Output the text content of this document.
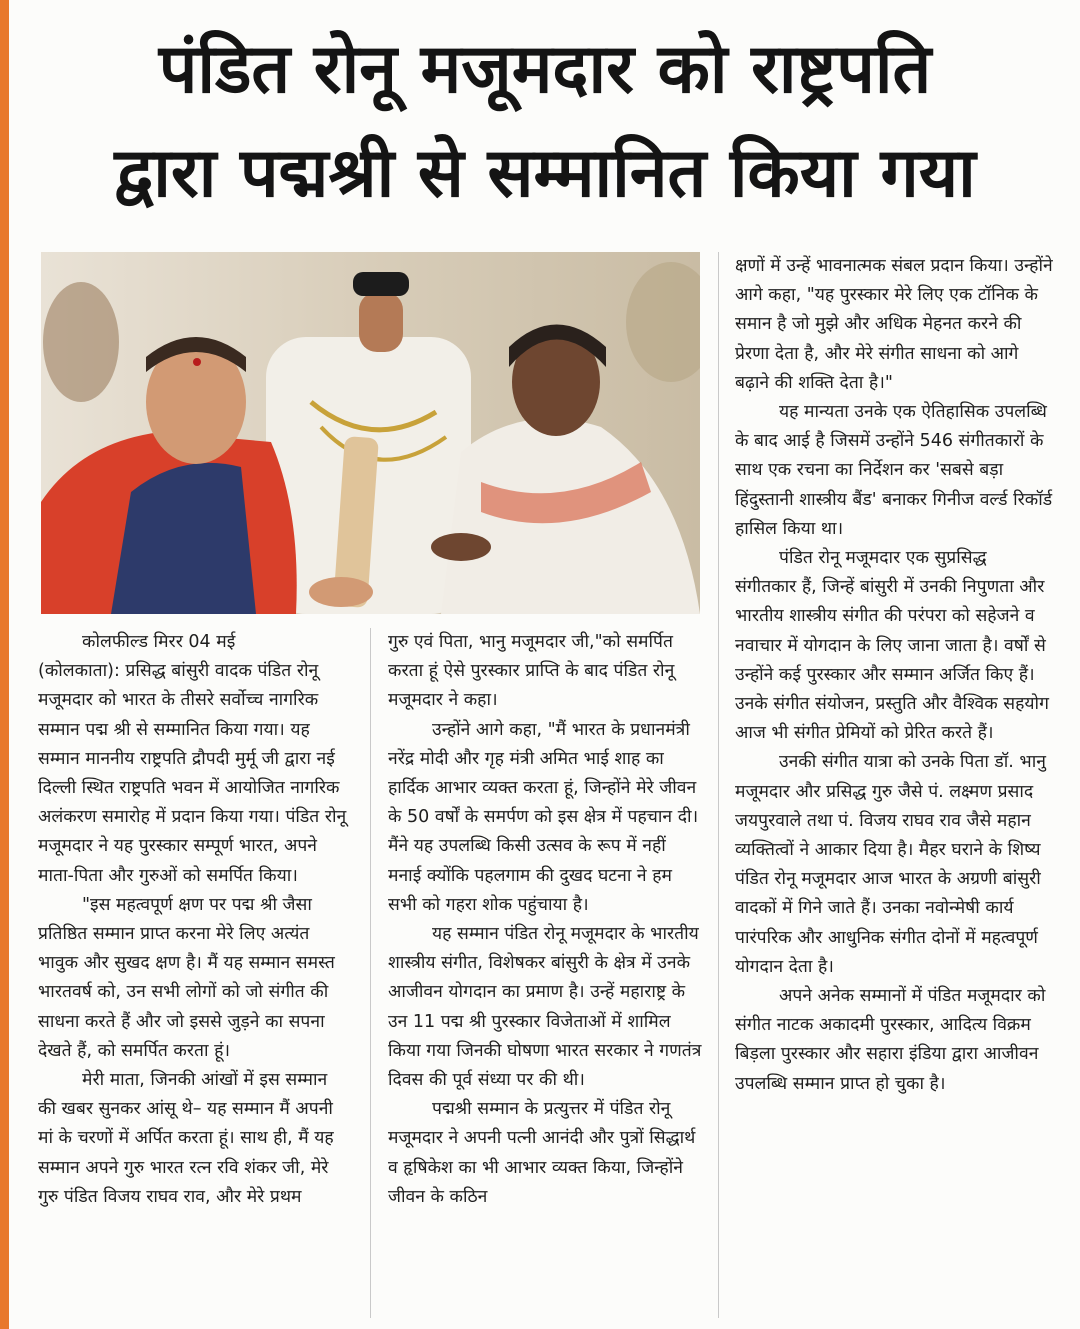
पंडित रोनू मजूमदार को राष्ट्रपति
द्वारा पद्मश्री से सम्मानित किया गया

कोलफील्ड मिरर 04 मई

(कोलकाता): प्रसिद्ध बांसुरी वादक पंडित रोनू मजूमदार को भारत के तीसरे सर्वोच्च नागरिक सम्मान पद्म श्री से सम्मानित किया गया। यह सम्मान माननीय राष्ट्रपति द्रौपदी मुर्मू जी द्वारा नई दिल्ली स्थित राष्ट्रपति भवन में आयोजित नागरिक अलंकरण समारोह में प्रदान किया गया। पंडित रोनू मजूमदार ने यह पुरस्कार सम्पूर्ण भारत, अपने माता-पिता और गुरुओं को समर्पित किया।

"इस महत्वपूर्ण क्षण पर पद्म श्री जैसा प्रतिष्ठित सम्मान प्राप्त करना मेरे लिए अत्यंत भावुक और सुखद क्षण है। मैं यह सम्मान समस्त भारतवर्ष को, उन सभी लोगों को जो संगीत की साधना करते हैं और जो इससे जुड़ने का सपना देखते हैं, को समर्पित करता हूं।

मेरी माता, जिनकी आंखों में इस सम्मान की खबर सुनकर आंसू थे– यह सम्मान मैं अपनी मां के चरणों में अर्पित करता हूं। साथ ही, मैं यह सम्मान अपने गुरु भारत रत्न रवि शंकर जी, मेरे गुरु पंडित विजय राघव राव, और मेरे प्रथम

गुरु एवं पिता, भानु मजूमदार जी,"को समर्पित करता हूं ऐसे पुरस्कार प्राप्ति के बाद पंडित रोनू मजूमदार ने कहा।

उन्होंने आगे कहा, "मैं भारत के प्रधानमंत्री नरेंद्र मोदी और गृह मंत्री अमित भाई शाह का हार्दिक आभार व्यक्त करता हूं, जिन्होंने मेरे जीवन के 50 वर्षों के समर्पण को इस क्षेत्र में पहचान दी। मैंने यह उपलब्धि किसी उत्सव के रूप में नहीं मनाई क्योंकि पहलगाम की दुखद घटना ने हम सभी को गहरा शोक पहुंचाया है।

यह सम्मान पंडित रोनू मजूमदार के भारतीय शास्त्रीय संगीत, विशेषकर बांसुरी के क्षेत्र में उनके आजीवन योगदान का प्रमाण है। उन्हें महाराष्ट्र के उन 11 पद्म श्री पुरस्कार विजेताओं में शामिल किया गया जिनकी घोषणा भारत सरकार ने गणतंत्र दिवस की पूर्व संध्या पर की थी।

पद्मश्री सम्मान के प्रत्युत्तर में पंडित रोनू मजूमदार ने अपनी पत्नी आनंदी और पुत्रों सिद्धार्थ व हृषिकेश का भी आभार व्यक्त किया, जिन्होंने जीवन के कठिन

क्षणों में उन्हें भावनात्मक संबल प्रदान किया। उन्होंने आगे कहा, "यह पुरस्कार मेरे लिए एक टॉनिक के समान है जो मुझे और अधिक मेहनत करने की प्रेरणा देता है, और मेरे संगीत साधना को आगे बढ़ाने की शक्ति देता है।"

यह मान्यता उनके एक ऐतिहासिक उपलब्धि के बाद आई है जिसमें उन्होंने 546 संगीतकारों के साथ एक रचना का निर्देशन कर 'सबसे बड़ा हिंदुस्तानी शास्त्रीय बैंड' बनाकर गिनीज वर्ल्ड रिकॉर्ड हासिल किया था।

पंडित रोनू मजूमदार एक सुप्रसिद्ध संगीतकार हैं, जिन्हें बांसुरी में उनकी निपुणता और भारतीय शास्त्रीय संगीत की परंपरा को सहेजने व नवाचार में योगदान के लिए जाना जाता है। वर्षों से उन्होंने कई पुरस्कार और सम्मान अर्जित किए हैं। उनके संगीत संयोजन, प्रस्तुति और वैश्विक सहयोग आज भी संगीत प्रेमियों को प्रेरित करते हैं।

उनकी संगीत यात्रा को उनके पिता डॉ. भानु मजूमदार और प्रसिद्ध गुरु जैसे पं. लक्ष्मण प्रसाद जयपुरवाले तथा पं. विजय राघव राव जैसे महान व्यक्तित्वों ने आकार दिया है। मैहर घराने के शिष्य पंडित रोनू मजूमदार आज भारत के अग्रणी बांसुरी वादकों में गिने जाते हैं। उनका नवोन्मेषी कार्य पारंपरिक और आधुनिक संगीत दोनों में महत्वपूर्ण योगदान देता है।

अपने अनेक सम्मानों में पंडित मजूमदार को संगीत नाटक अकादमी पुरस्कार, आदित्य विक्रम बिड़ला पुरस्कार और सहारा इंडिया द्वारा आजीवन उपलब्धि सम्मान प्राप्त हो चुका है।
